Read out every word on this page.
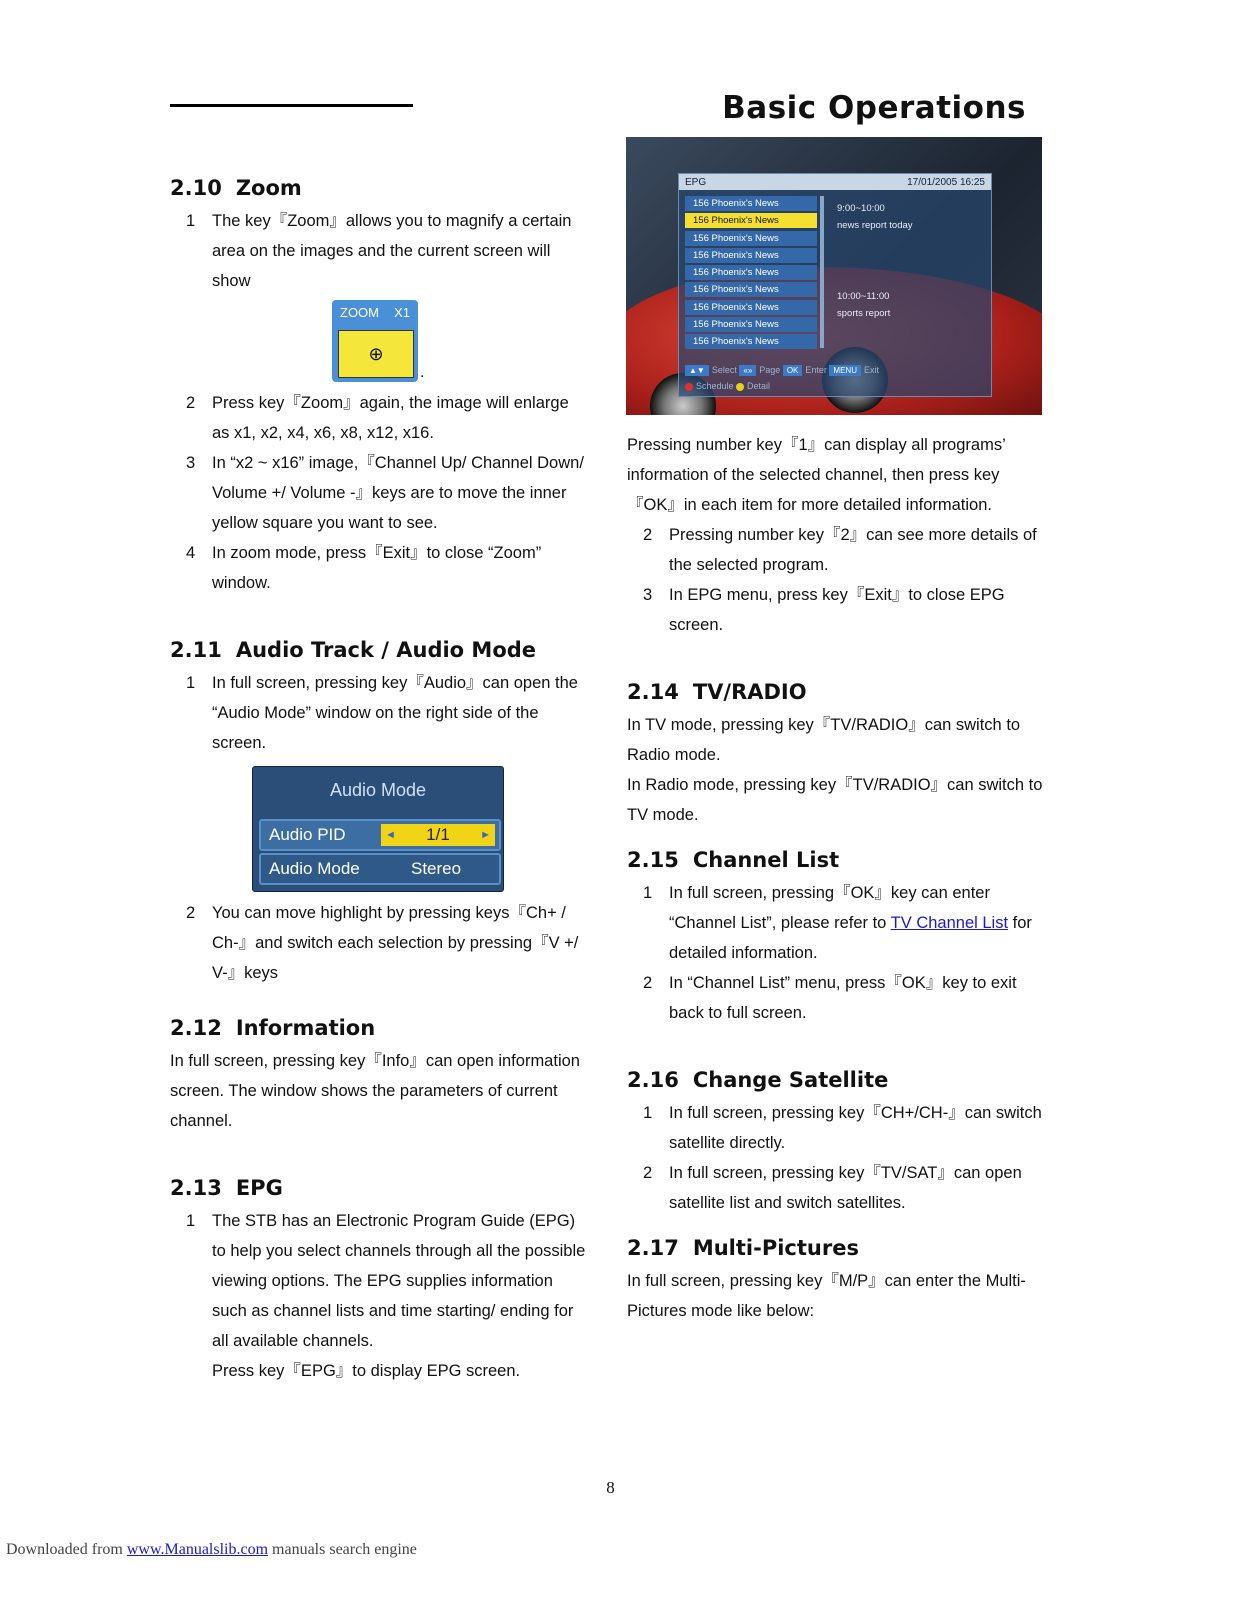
Basic Operations
2.10 Zoom
1 The key『Zoom』allows you to magnify a certain area on the images and the current screen will show
ZOOM X1
⊕
.
2 Press key『Zoom』again, the image will enlarge as x1, x2, x4, x6, x8, x12, x16.
3 In “x2 ~ x16” image,『Channel Up/ Channel Down/ Volume +/ Volume -』keys are to move the inner yellow square you want to see.
4 In zoom mode, press『Exit』to close “Zoom” window.
2.11 Audio Track / Audio Mode
1 In full screen, pressing key『Audio』can open the “Audio Mode” window on the right side of the screen.
Audio Mode
Audio PID	◄ 1/1	►
Audio Mode	Stereo
2 You can move highlight by pressing keys『Ch+ / Ch-』and switch each selection by pressing『V +/ V-』keys
2.12 Information
In full screen, pressing key『Info』can open information screen. The window shows the parameters of current channel.
2.13 EPG
1 The STB has an Electronic Program Guide (EPG) to help you select channels through all the possible viewing options. The EPG supplies information such as channel lists and time starting/ ending for all available channels.
Press key『EPG』to display EPG screen.
EPG	17/01/2005 16:25
156 Phoenix's News
156 Phoenix's News
156 Phoenix's News
156 Phoenix's News
156 Phoenix's News
156 Phoenix's News
156 Phoenix's News
156 Phoenix's News
156 Phoenix's News
9:00~10:00
news report today
10:00~11:00
sports report
▲▼ Select «» Page OK Enter MENU Exit
Schedule Detail
Pressing number key『1』can display all programs’ information of the selected channel, then press key 『OK』in each item for more detailed information.
2 Pressing number key『2』can see more details of the selected program.
3 In EPG menu, press key『Exit』to close EPG screen.
2.14 TV/RADIO
In TV mode, pressing key『TV/RADIO』can switch to Radio mode.
In Radio mode, pressing key『TV/RADIO』can switch to TV mode.
2.15 Channel List
1 In full screen, pressing『OK』key can enter “Channel List”, please refer to TV Channel List for detailed information.
2 In “Channel List” menu, press『OK』key to exit back to full screen.
2.16 Change Satellite
1 In full screen, pressing key『CH+/CH-』can switch satellite directly.
2 In full screen, pressing key『TV/SAT』can open satellite list and switch satellites.
2.17 Multi-Pictures
In full screen, pressing key『M/P』can enter the Multi-Pictures mode like below:
8
Downloaded from www.Manualslib.com manuals search engine
